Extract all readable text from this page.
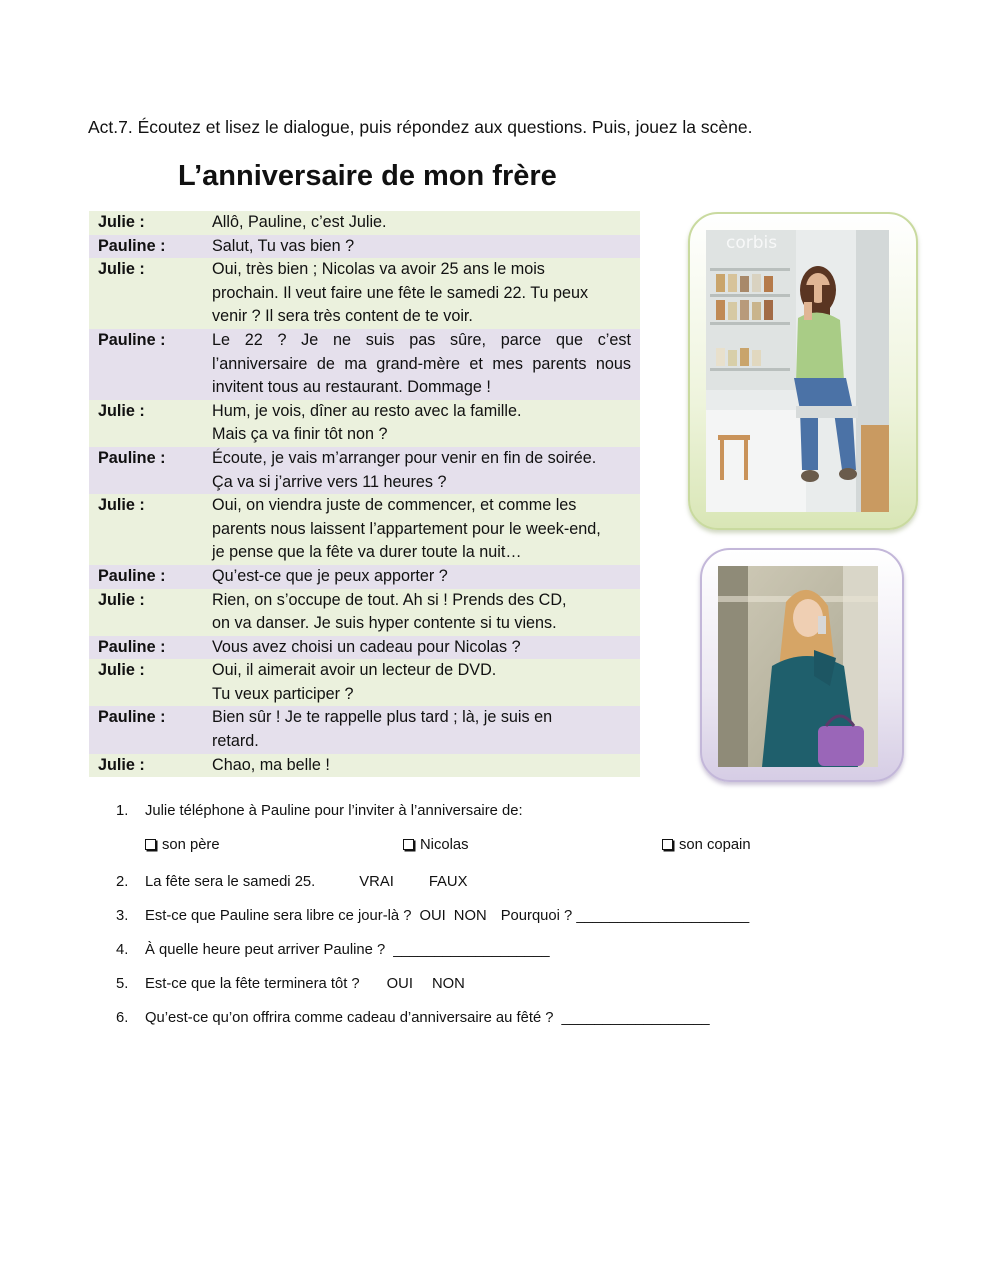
Act.7. Écoutez et lisez le dialogue, puis répondez aux questions. Puis, jouez la scène.
L’anniversaire de mon frère
Julie :	Allô, Pauline, c’est Julie.
Pauline :	Salut, Tu vas bien ?
Julie :	Oui, très bien ; Nicolas va avoir 25 ans le mois
prochain. Il veut faire une fête le samedi 22. Tu peux
venir ? Il sera très content de te voir.
Pauline :	Le 22 ? Je ne suis pas sûre, parce que c’est
l’anniversaire de ma grand-mère et mes parents nous
invitent tous au restaurant. Dommage !

Julie :	Hum, je vois, dîner au resto avec la famille.
Mais ça va finir tôt non ?
Pauline :	Écoute, je vais m’arranger pour venir en fin de soirée.
Ça va si j’arrive vers 11 heures ?
Julie :	Oui, on viendra juste de commencer, et comme les
parents nous laissent l’appartement pour le week-end,
je pense que la fête va durer toute la nuit…
Pauline :	Qu’est-ce que je peux apporter ?
Julie :	Rien, on s’occupe de tout. Ah si ! Prends des CD,
on va danser. Je suis hyper contente si tu viens.
Pauline :	Vous avez choisi un cadeau pour Nicolas ?
Julie :	Oui, il aimerait avoir un lecteur de DVD.
Tu veux participer ?
Pauline :	Bien sûr ! Je te rappelle plus tard ; là, je suis en
retard.
Julie :	Chao, ma belle !
corbis
1. Julie téléphone à Pauline pour l’inviter à l’anniversaire de:
son père	Nicolas	son copain
2. La fête sera le samedi 25.	VRAI FAUX
3. Est-ce que Pauline sera libre ce jour-là ? OUI NON Pourquoi ? _____________________
4. À quelle heure peut arriver Pauline ? ___________________
5. Est-ce que la fête terminera tôt ? OUI NON
6. Qu’est-ce qu’on offrira comme cadeau d’anniversaire au fêté ? __________________
